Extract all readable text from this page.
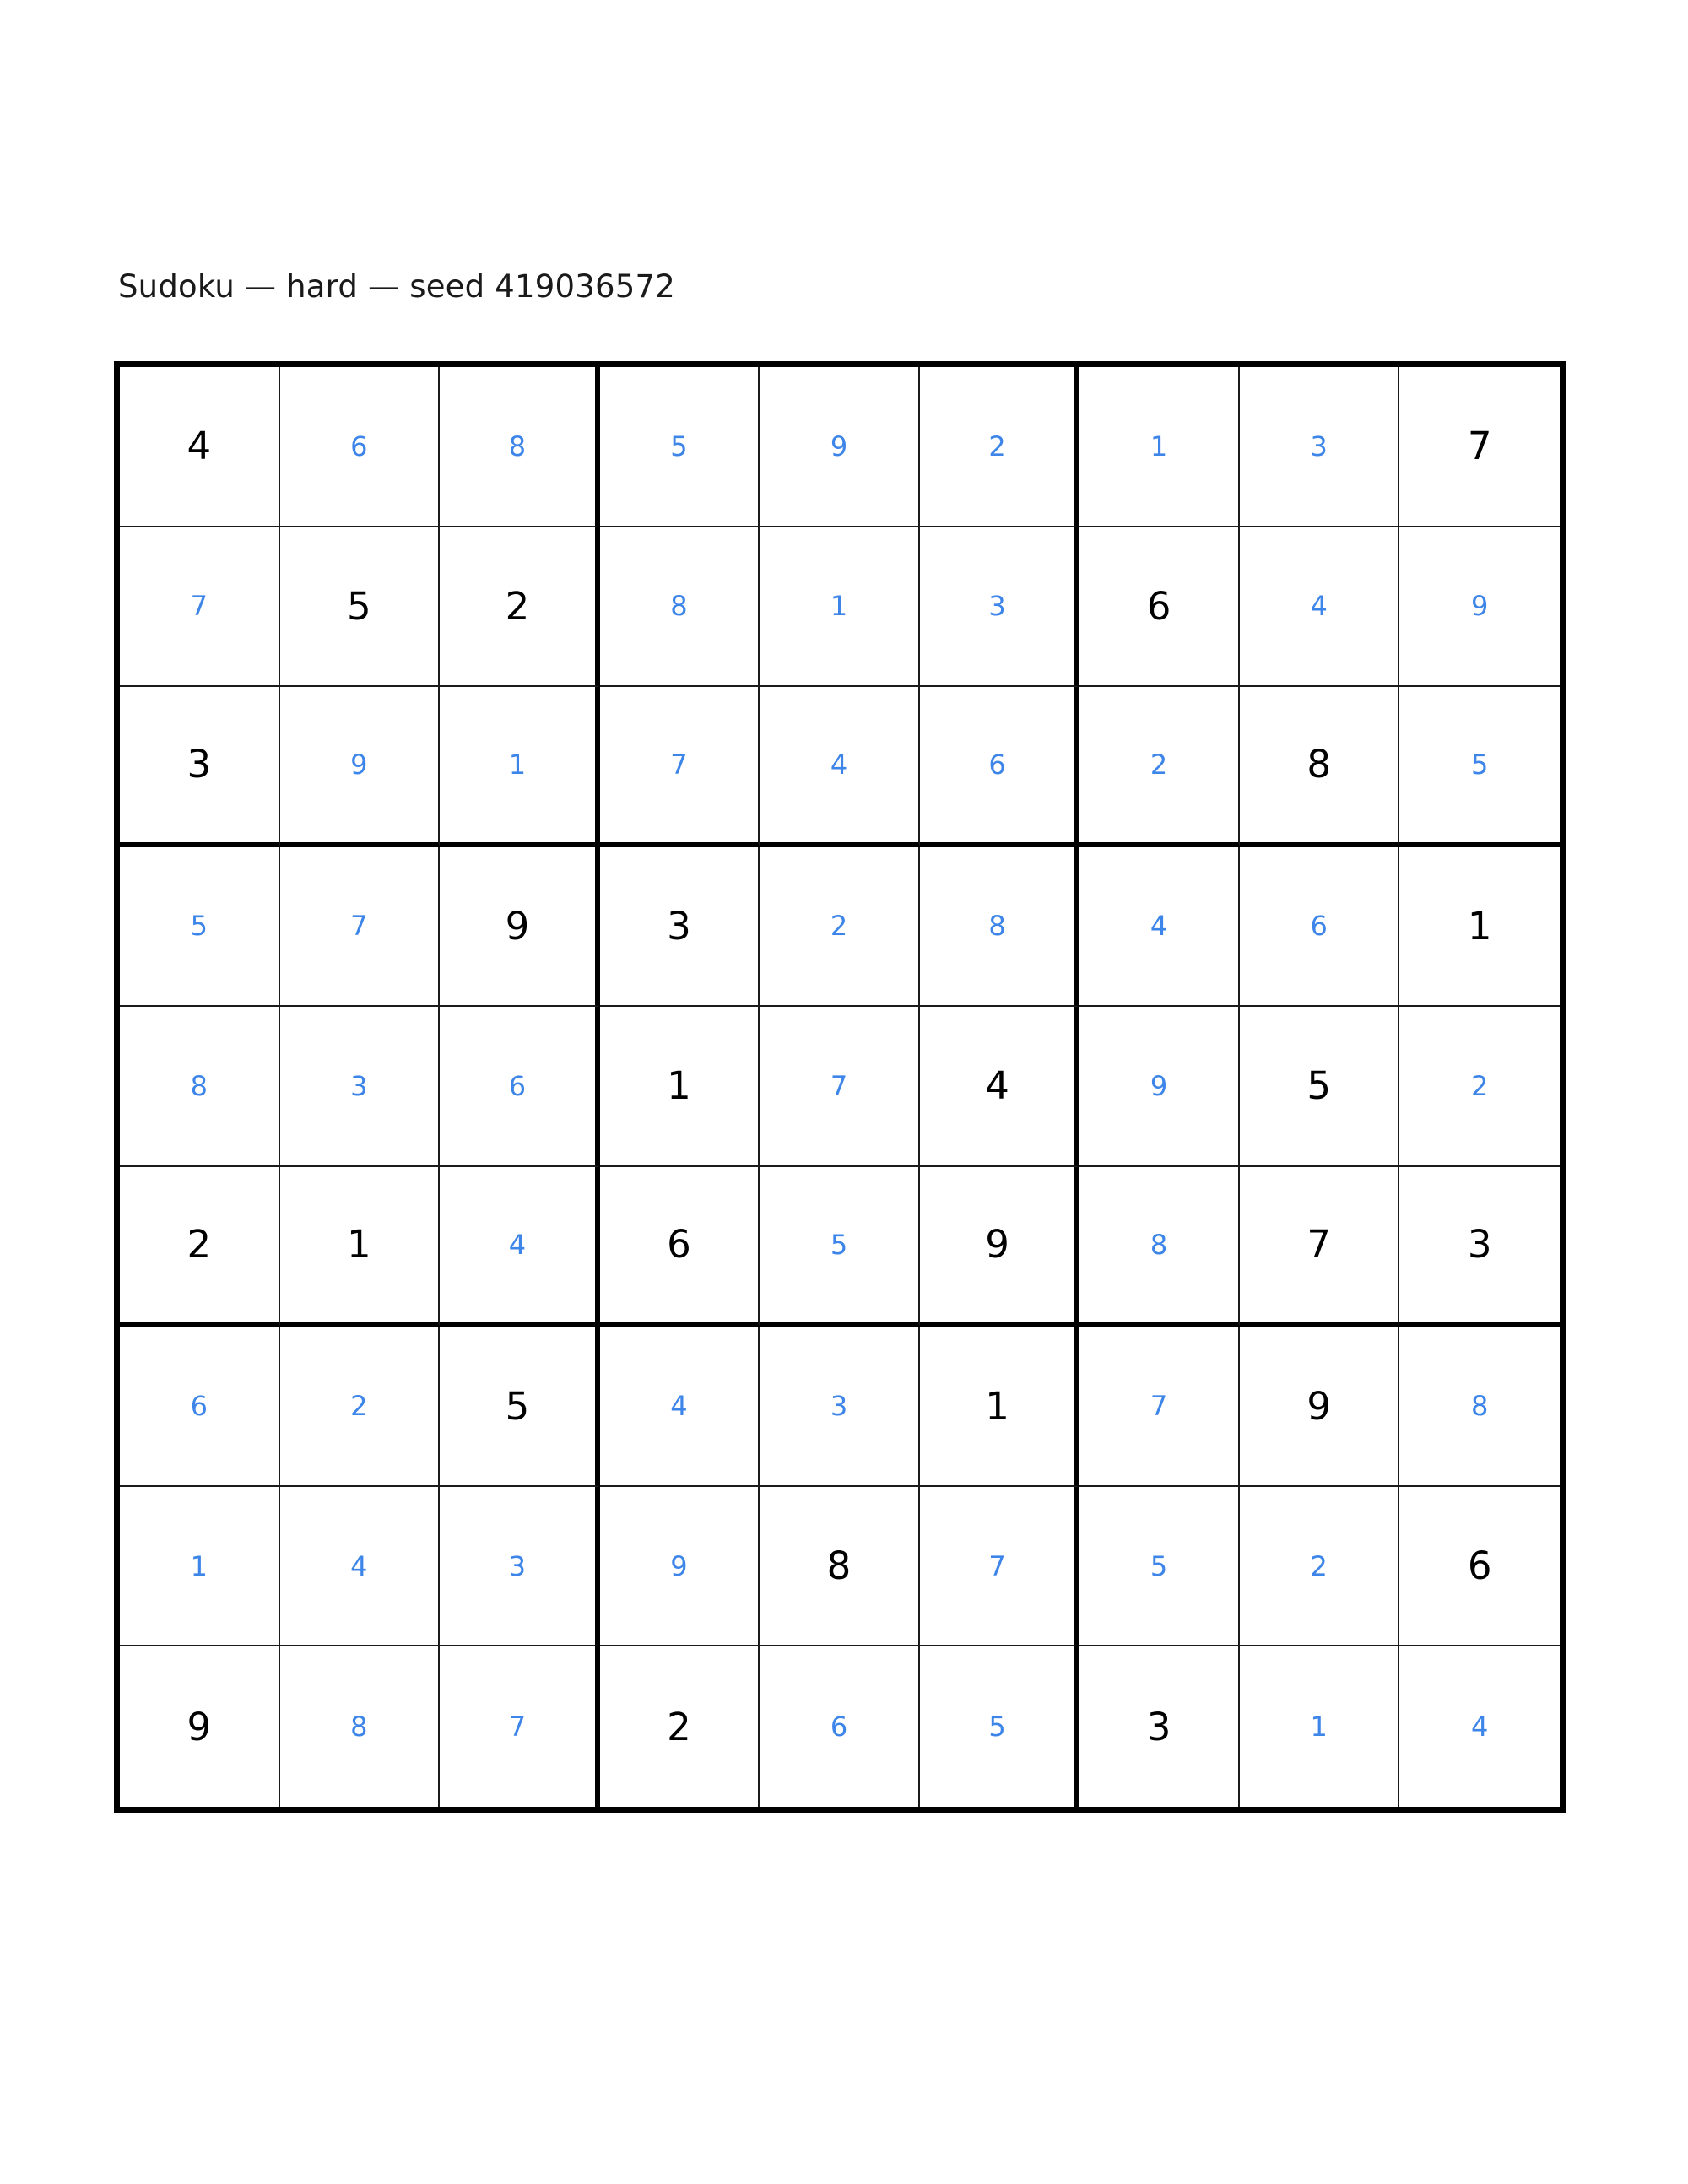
Sudoku — hard — seed 419036572
4	6	8	5	9	2	1	3	7
7	5	2	8	1	3	6	4	9
3	9	1	7	4	6	2	8	5
5	7	9	3	2	8	4	6	1
8	3	6	1	7	4	9	5	2
2	1	4	6	5	9	8	7	3
6	2	5	4	3	1	7	9	8
1	4	3	9	8	7	5	2	6
9	8	7	2	6	5	3	1	4
